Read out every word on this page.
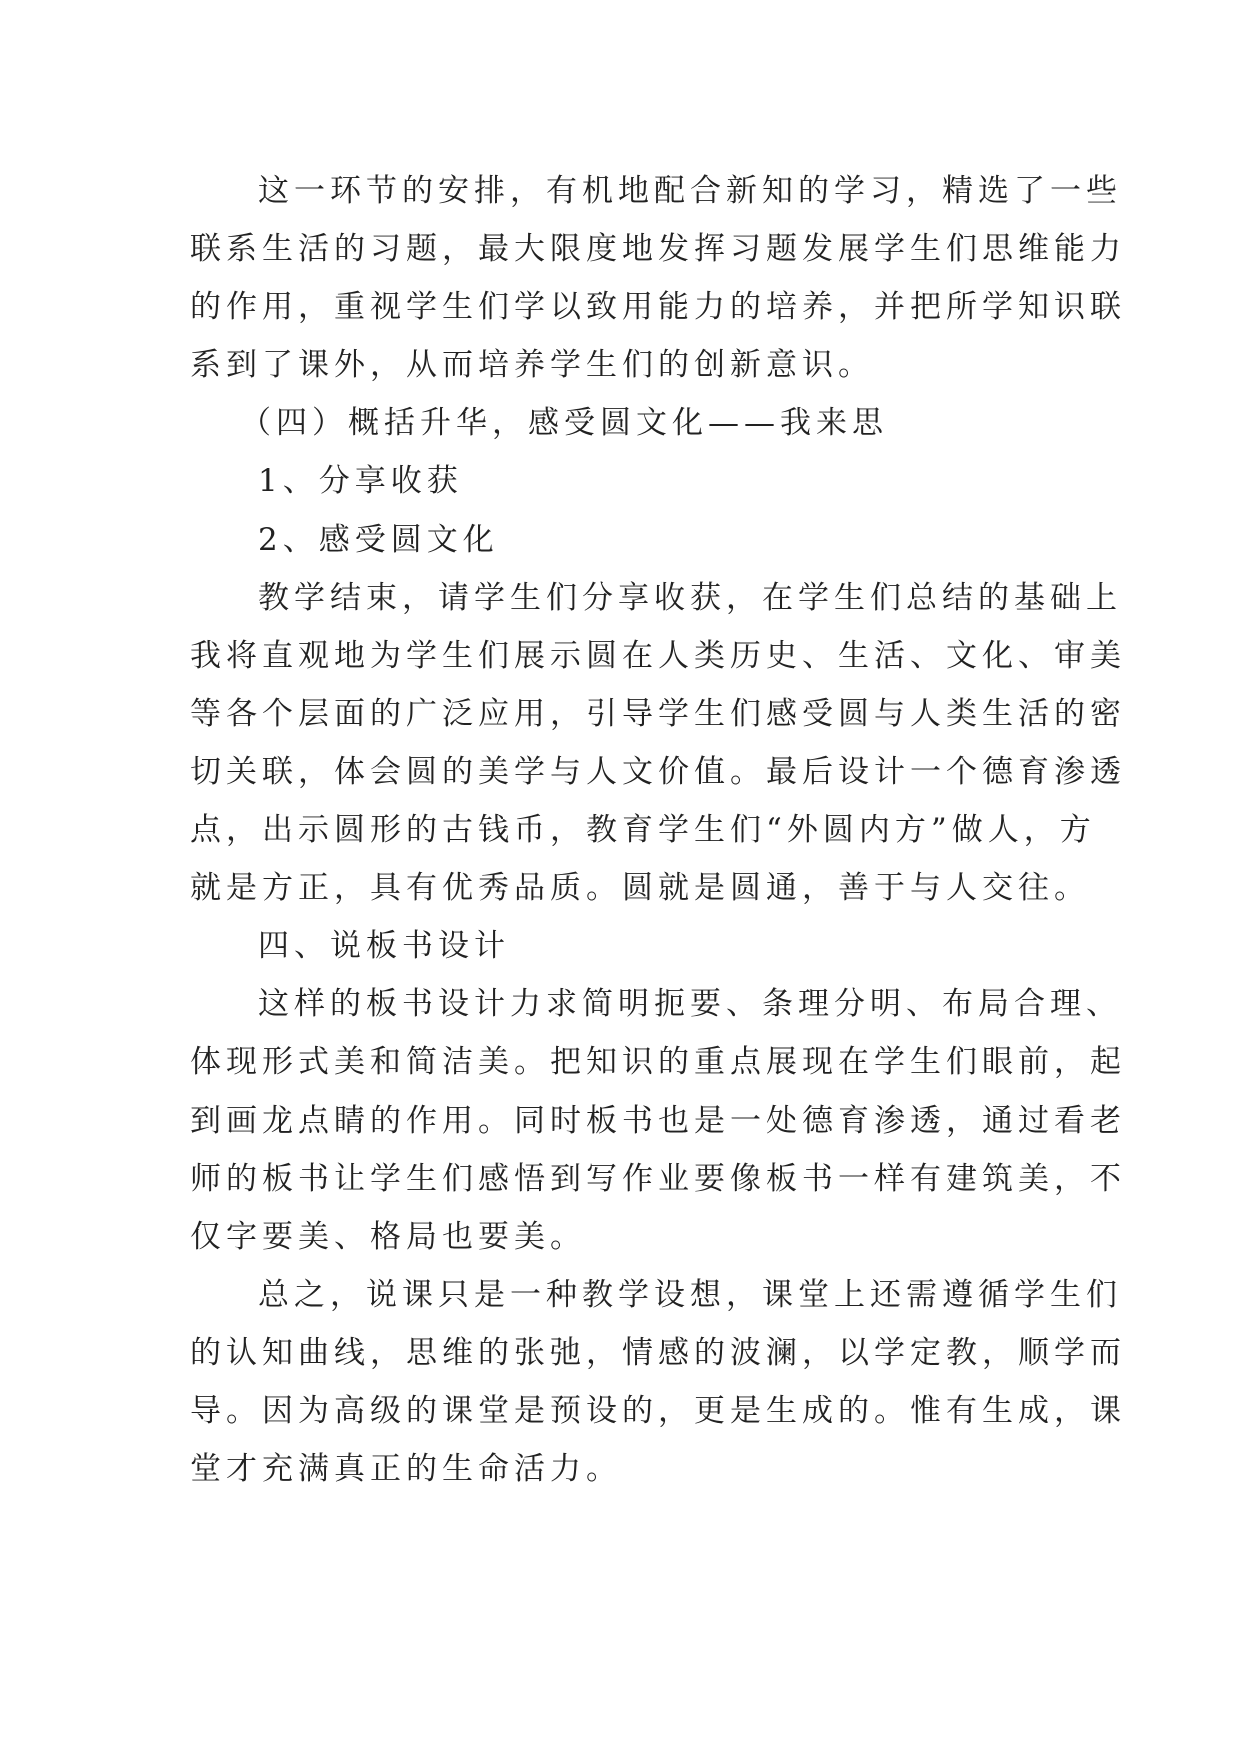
这一环节的安排，有机地配合新知的学习，精选了一些
联系生活的习题，最大限度地发挥习题发展学生们思维能力
的作用，重视学生们学以致用能力的培养，并把所学知识联
系到了课外，从而培养学生们的创新意识。
（四）概括升华，感受圆文化——我来思
1、分享收获
2、感受圆文化
教学结束，请学生们分享收获，在学生们总结的基础上
我将直观地为学生们展示圆在人类历史、生活、文化、审美
等各个层面的广泛应用，引导学生们感受圆与人类生活的密
切关联，体会圆的美学与人文价值。最后设计一个德育渗透
点，出示圆形的古钱币，教育学生们“外圆内方”做人，方
就是方正，具有优秀品质。圆就是圆通，善于与人交往。
四、说板书设计
这样的板书设计力求简明扼要、条理分明、布局合理、
体现形式美和简洁美。把知识的重点展现在学生们眼前，起
到画龙点睛的作用。同时板书也是一处德育渗透，通过看老
师的板书让学生们感悟到写作业要像板书一样有建筑美，不
仅字要美、格局也要美。
总之，说课只是一种教学设想，课堂上还需遵循学生们
的认知曲线，思维的张弛，情感的波澜，以学定教，顺学而
导。因为高级的课堂是预设的，更是生成的。惟有生成，课
堂才充满真正的生命活力。
